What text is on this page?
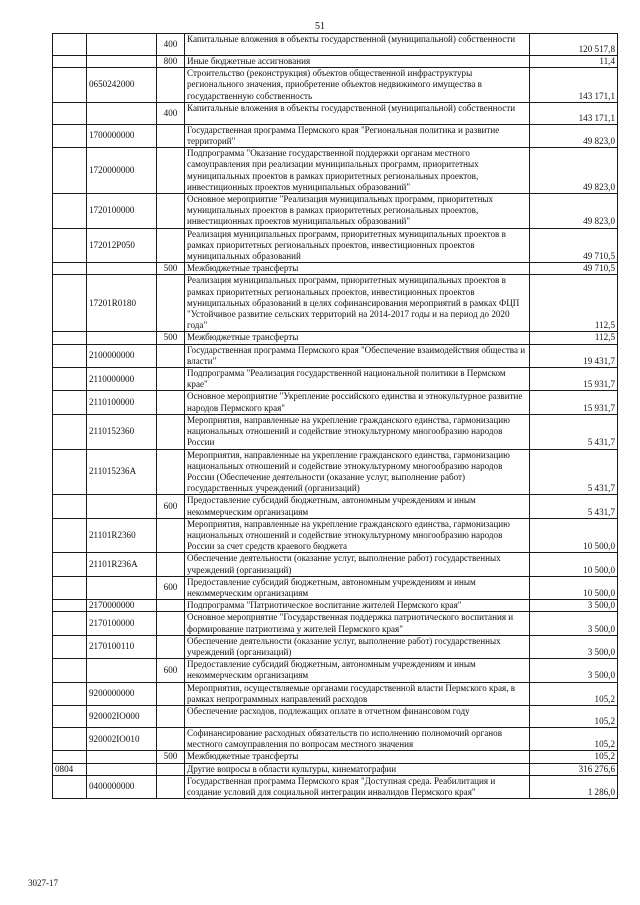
51
		400	Капитальные вложения в объекты государственной (муниципальной) собственности	120 517,8
		800	Иные бюджетные ассигнования	11,4
	0650242000		Строительство (реконструкция) объектов общественной инфраструктуры регионального значения, приобретение объектов недвижимого имущества в государственную собственность	143 171,1
		400	Капитальные вложения в объекты государственной (муниципальной) собственности	143 171,1
	1700000000		Государственная программа Пермского края "Региональная политика и развитие территорий"	49 823,0
	1720000000		Подпрограмма "Оказание государственной поддержки органам местного самоуправления при реализации муниципальных программ, приоритетных муниципальных проектов в рамках приоритетных региональных проектов, инвестиционных проектов муниципальных образований"	49 823,0
	1720100000		Основное мероприятие "Реализация муниципальных программ, приоритетных муниципальных проектов в рамках приоритетных региональных проектов, инвестиционных проектов муниципальных образований"	49 823,0
	172012P050		Реализация муниципальных программ, приоритетных муниципальных проектов в рамках приоритетных региональных проектов, инвестиционных проектов муниципальных образований	49 710,5
		500	Межбюджетные трансферты	49 710,5
	17201R0180		Реализация муниципальных программ, приоритетных муниципальных проектов в рамках приоритетных региональных проектов, инвестиционных проектов муниципальных образований в целях софинансирования мероприятий в рамках ФЦП "Устойчивое развитие сельских территорий на 2014-2017 годы и на период до 2020 года"	112,5
		500	Межбюджетные трансферты	112,5
	2100000000		Государственная программа Пермского края "Обеспечение взаимодействия общества и власти"	19 431,7
	2110000000		Подпрограмма "Реализация государственной национальной политики в Пермском крае"	15 931,7
	2110100000		Основное мероприятие "Укрепление российского единства и этнокультурное развитие народов Пермского края"	15 931,7
	2110152360		Мероприятия, направленные на укрепление гражданского единства, гармонизацию национальных отношений и содействие этнокультурному многообразию народов России	5 431,7
	211015236А		Мероприятия, направленные на укрепление гражданского единства, гармонизацию национальных отношений и содействие этнокультурному многообразию народов России (Обеспечение деятельности (оказание услуг, выполнение работ) государственных учреждений (организаций)	5 431,7
		600	Предоставление субсидий бюджетным, автономным учреждениям и иным некоммерческим организациям	5 431,7
	21101R2360		Мероприятия, направленные на укрепление гражданского единства, гармонизацию национальных отношений и содействие этнокультурному многообразию народов России за счет средств краевого бюджета	10 500,0
	21101R236А		Обеспечение деятельности (оказание услуг, выполнение работ) государственных учреждений (организаций)	10 500,0
		600	Предоставление субсидий бюджетным, автономным учреждениям и иным некоммерческим организациям	10 500,0
	2170000000		Подпрограмма "Патриотическое воспитание жителей Пермского края"	3 500,0
	2170100000		Основное мероприятие "Государственная поддержка патриотического воспитания и формирование патриотизма у жителей Пермского края"	3 500,0
	2170100110		Обеспечение деятельности (оказание услуг, выполнение работ) государственных учреждений (организаций)	3 500,0
		600	Предоставление субсидий бюджетным, автономным учреждениям и иным некоммерческим организациям	3 500,0
	9200000000		Мероприятия, осуществляемые органами государственной власти Пермского края, в рамках непрограммных направлений расходов	105,2
	920002IO000		Обеспечение расходов, подлежащих оплате в отчетном финансовом году	105,2
	920002IO010		Софинансирование расходных обязательств по исполнению полномочий органов местного самоуправления по вопросам местного значения	105,2
		500	Межбюджетные трансферты	105,2
0804			Другие вопросы в области культуры, кинематографии	316 276,6
	0400000000		Государственная программа Пермского края "Доступная среда. Реабилитация и создание условий для социальной интеграции инвалидов Пермского края"	1 286,0
3027-17
